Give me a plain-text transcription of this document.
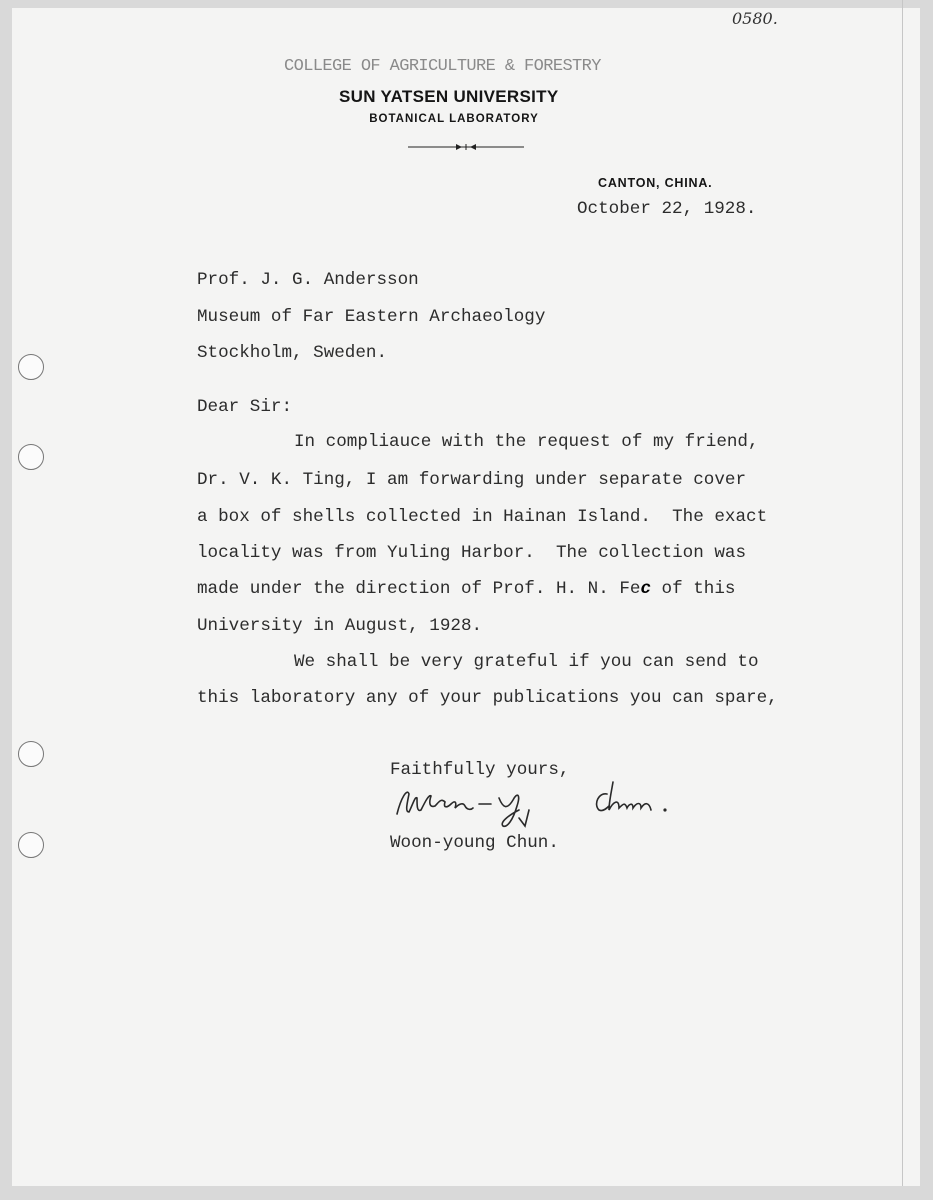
0580.
COLLEGE OF AGRICULTURE & FORESTRY
SUN YATSEN UNIVERSITY
BOTANICAL LABORATORY
CANTON, CHINA.
October 22, 1928.
Prof. J. G. Andersson
Museum of Far Eastern Archaeology
Stockholm, Sweden.
Dear Sir:
In compliauce with the request of my friend,
Dr. V. K. Ting, I am forwarding under separate cover
a box of shells collected in Hainan Island.  The exact
locality was from Yuling Harbor.  The collection was
made under the direction of Prof. H. N. Fec of this
University in August, 1928.
We shall be very grateful if you can send to
this laboratory any of your publications you can spare,
Faithfully yours,
Woon-young Chun.
